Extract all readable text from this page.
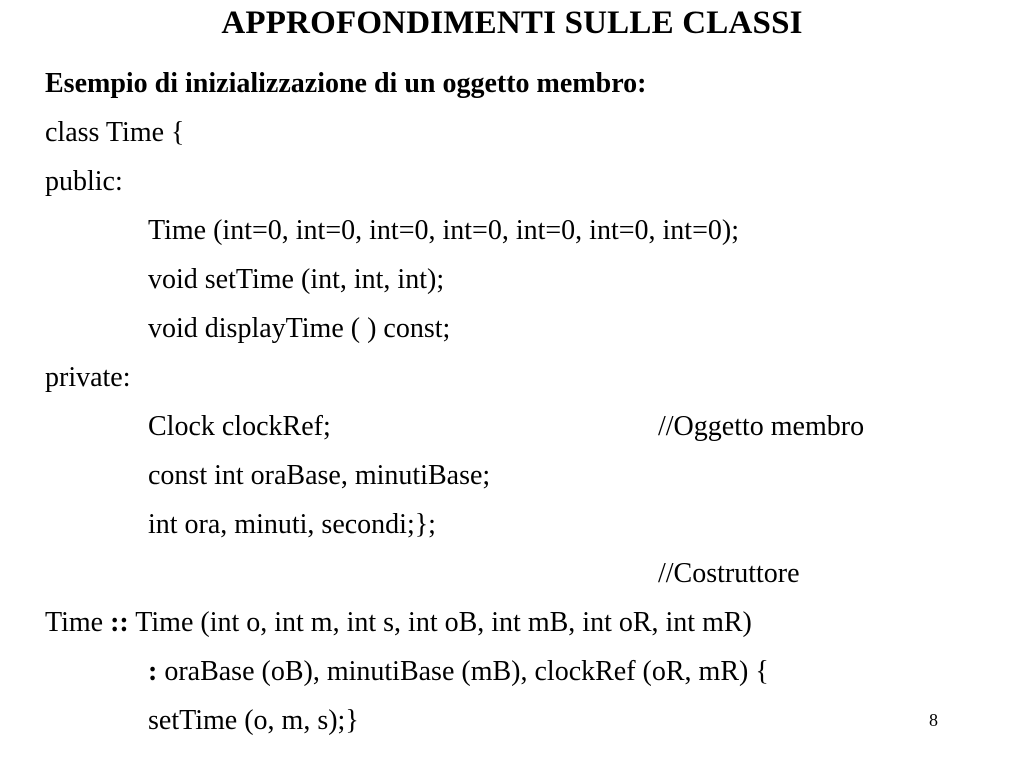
APPROFONDIMENTI SULLE CLASSI
Esempio di inizializzazione di un oggetto membro:
class Time {
public:
Time (int=0, int=0, int=0, int=0, int=0, int=0, int=0);
void setTime (int, int, int);
void displayTime ( ) const;
private:
Clock clockRef;	//Oggetto membro
const int oraBase, minutiBase;
int ora, minuti, secondi;};
//Costruttore
Time :: Time (int o, int m, int s, int oB, int mB, int oR, int mR)
: oraBase (oB), minutiBase (mB), clockRef (oR, mR) {
setTime (o, m, s);}	8
